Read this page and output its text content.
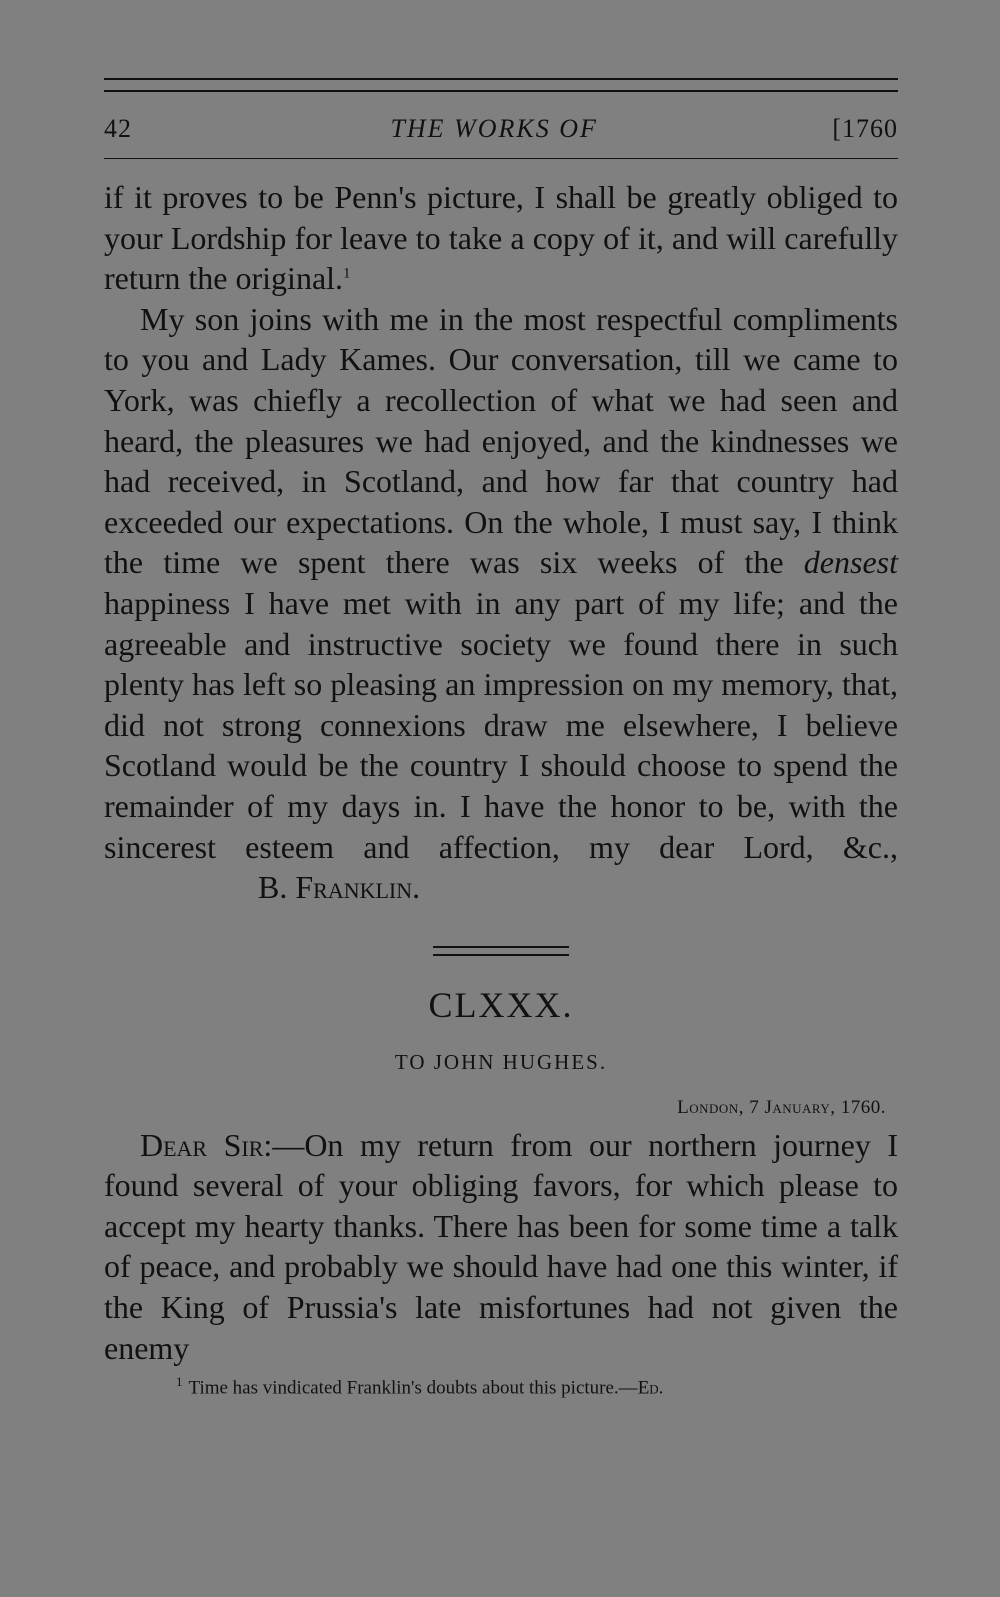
42	THE WORKS OF	[1760

if it proves to be Penn's picture, I shall be greatly obliged to your Lordship for leave to take a copy of it, and will carefully return the original.$^1$

My son joins with me in the most respectful compliments to you and Lady Kames. Our conversation, till we came to York, was chiefly a recollection of what we had seen and heard, the pleasures we had enjoyed, and the kindnesses we had received, in Scotland, and how far that country had exceeded our expectations. On the whole, I must say, I think the time we spent there was six weeks of the densest happiness I have met with in any part of my life; and the agreeable and instructive society we found there in such plenty has left so pleasing an impression on my memory, that, did not strong connexions draw me elsewhere, I believe Scotland would be the country I should choose to spend the remainder of my days in. I have the honor to be, with the sincerest esteem and affection, my dear Lord, &c.,B. Franklin.

CLXXX.
TO JOHN HUGHES.
London, 7 January, 1760.

Dear Sir:—On my return from our northern journey I found several of your obliging favors, for which please to accept my hearty thanks. There has been for some time a talk of peace, and probably we should have had one this winter, if the King of Prussia's late misfortunes had not given the enemy

$^1$ Time has vindicated Franklin's doubts about this picture.—Ed.
